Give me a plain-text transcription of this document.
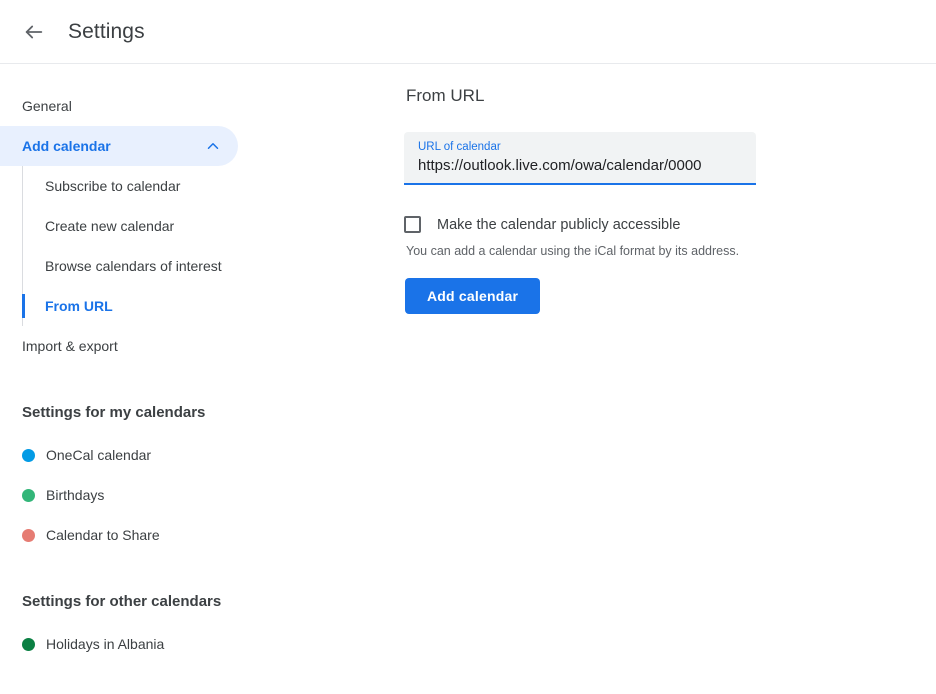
Settings
General
Add calendar
Subscribe to calendar
Create new calendar
Browse calendars of interest
From URL
Import & export
Settings for my calendars
OneCal calendar
Birthdays
Calendar to Share
Settings for other calendars
Holidays in Albania
From URL
URL of calendar
https://outlook.live.com/owa/calendar/0000
Make the calendar publicly accessible
You can add a calendar using the iCal format by its address.
Add calendar
